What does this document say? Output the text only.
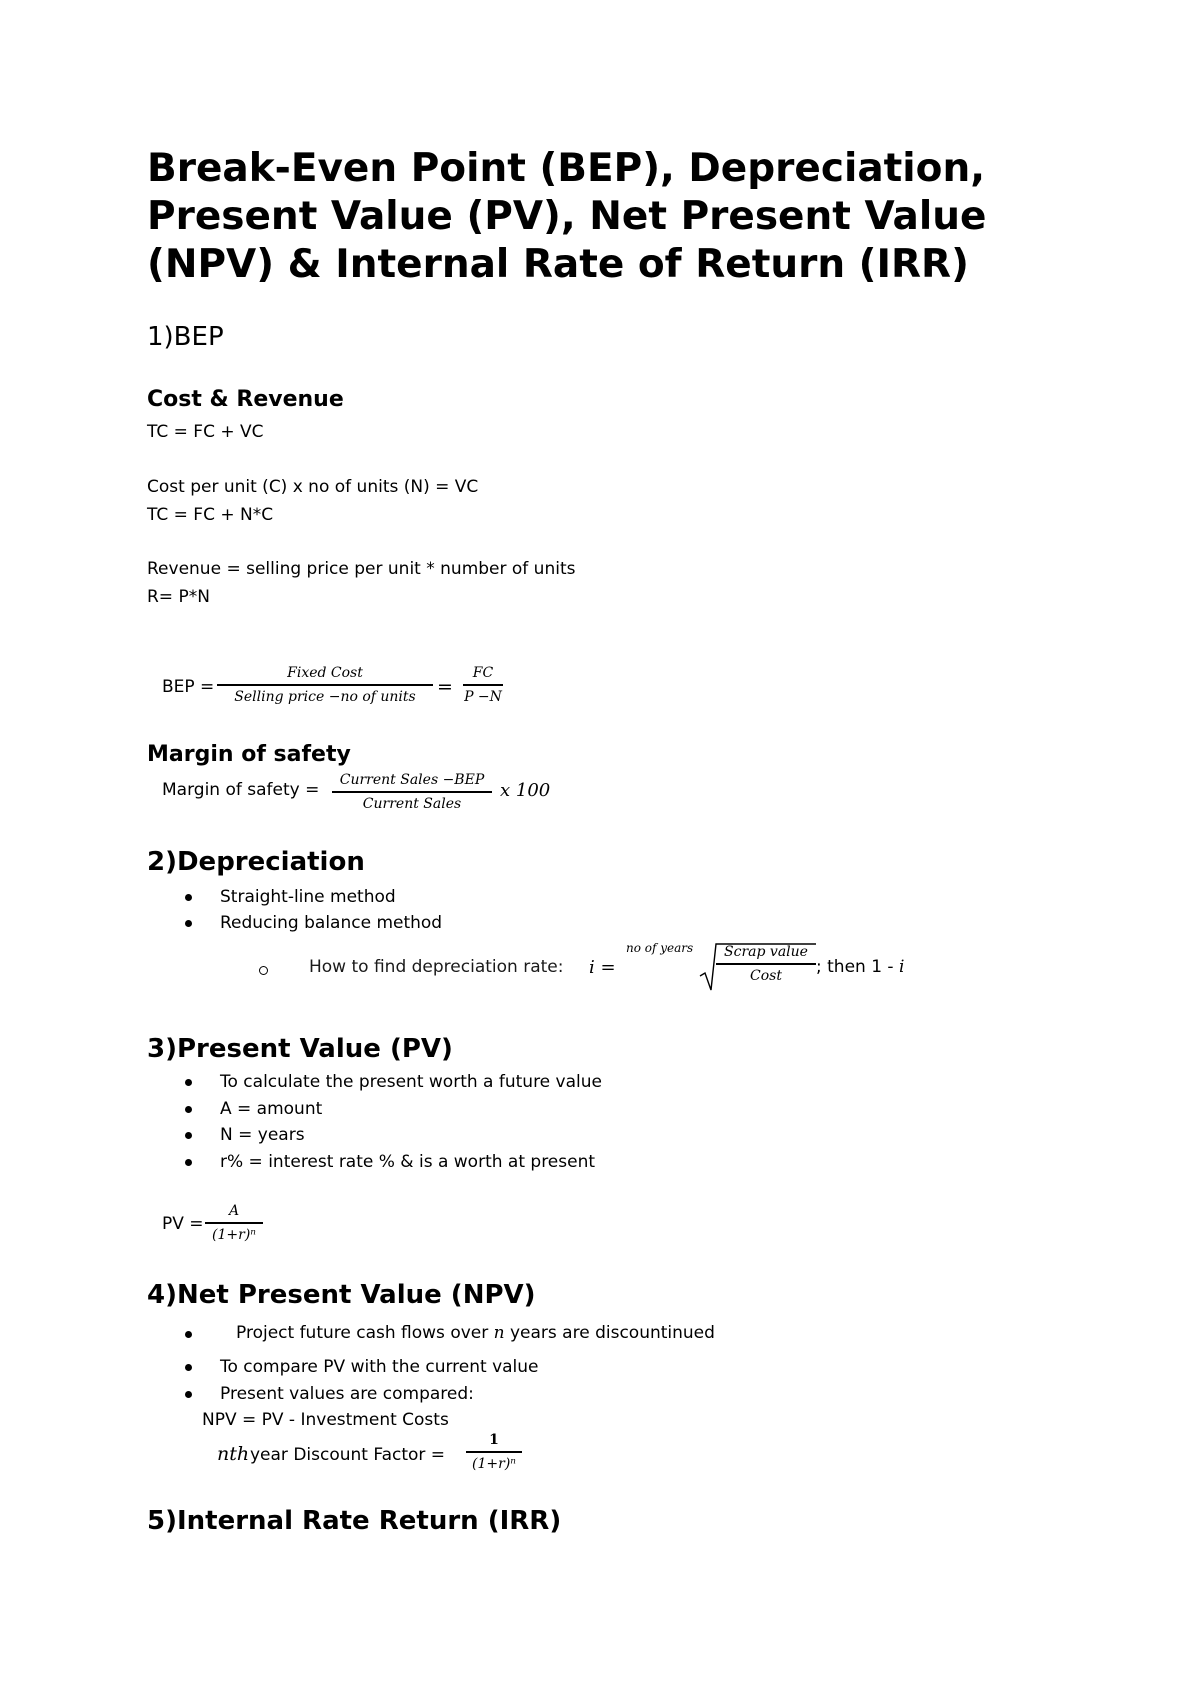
Break-Even Point (BEP), Depreciation,
Present Value (PV), Net Present Value
(NPV) & Internal Rate of Return (IRR)
1)BEP
Cost & Revenue
TC = FC + VC
Cost per unit (C) x no of units (N) = VC
TC = FC + N*C
Revenue = selling price per unit * number of units
R= P*N
BEP =
Fixed Cost
Selling price −no of units =
FC
P −N
Margin of safety
Margin of safety = Current Sales −BEP
Current Sales
x 100
2)Depreciation
Straight-line method
Reducing balance method
How to find depreciation rate: i =
no of years Scrap value
Cost ; then 1 - i
3)Present Value (PV)
To calculate the present worth a future value
A = amount
N = years
r% = interest rate % & is a worth at present
PV =
A
(1+r)ⁿ
4)Net Present Value (NPV)
Project future cash flows over n years are discountinued
To compare PV with the current value
Present values are compared:
NPV = PV - Investment Costs
nth year Discount Factor =
1
(1+r)ⁿ
5)Internal Rate Return (IRR)
